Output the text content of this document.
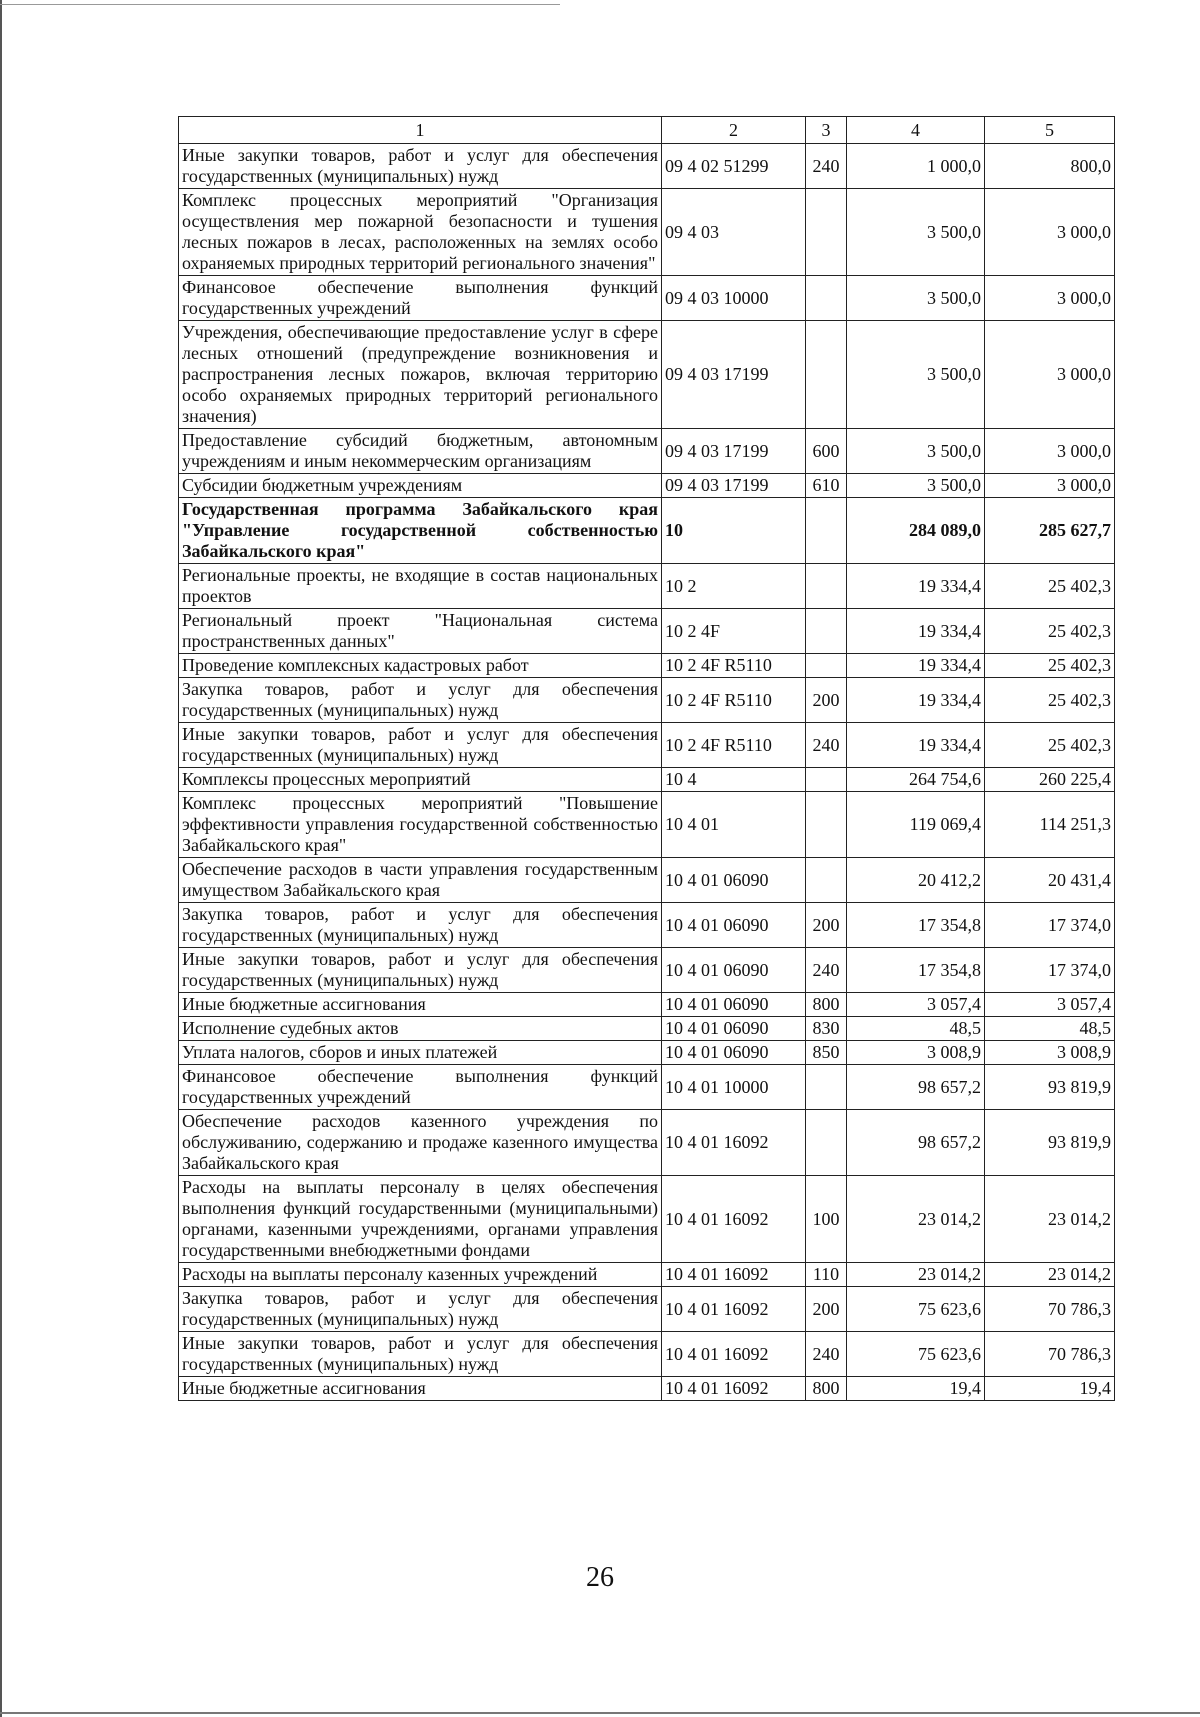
1	2	3	4	5
Иные закупки товаров, работ и услуг для обеспечения государственных (муниципальных) нужд	09 4 02 51299	240	1 000,0	800,0
Комплекс процессных мероприятий "Организация осуществления мер пожарной безопасности и тушения лесных пожаров в лесах, расположенных на землях особо охраняемых природных территорий регионального значения"	09 4 03		3 500,0	3 000,0
Финансовое обеспечение выполнения функций государственных учреждений	09 4 03 10000		3 500,0	3 000,0
Учреждения, обеспечивающие предоставление услуг в сфере лесных отношений (предупреждение возникновения и распространения лесных пожаров, включая территорию особо охраняемых природных территорий регионального значения)	09 4 03 17199		3 500,0	3 000,0
Предоставление субсидий бюджетным, автономным учреждениям и иным некоммерческим организациям	09 4 03 17199	600	3 500,0	3 000,0
Субсидии бюджетным учреждениям	09 4 03 17199	610	3 500,0	3 000,0
Государственная программа Забайкальского края "Управление государственной собственностью Забайкальского края"	10		284 089,0	285 627,7
Региональные проекты, не входящие в состав национальных проектов	10 2		19 334,4	25 402,3
Региональный проект "Национальная система пространственных данных"	10 2 4F		19 334,4	25 402,3
Проведение комплексных кадастровых работ	10 2 4F R5110		19 334,4	25 402,3
Закупка товаров, работ и услуг для обеспечения государственных (муниципальных) нужд	10 2 4F R5110	200	19 334,4	25 402,3
Иные закупки товаров, работ и услуг для обеспечения государственных (муниципальных) нужд	10 2 4F R5110	240	19 334,4	25 402,3
Комплексы процессных мероприятий	10 4		264 754,6	260 225,4
Комплекс процессных мероприятий "Повышение эффективности управления государственной собственностью Забайкальского края"	10 4 01		119 069,4	114 251,3
Обеспечение расходов в части управления государственным имуществом Забайкальского края	10 4 01 06090		20 412,2	20 431,4
Закупка товаров, работ и услуг для обеспечения государственных (муниципальных) нужд	10 4 01 06090	200	17 354,8	17 374,0
Иные закупки товаров, работ и услуг для обеспечения государственных (муниципальных) нужд	10 4 01 06090	240	17 354,8	17 374,0
Иные бюджетные ассигнования	10 4 01 06090	800	3 057,4	3 057,4
Исполнение судебных актов	10 4 01 06090	830	48,5	48,5
Уплата налогов, сборов и иных платежей	10 4 01 06090	850	3 008,9	3 008,9
Финансовое обеспечение выполнения функций государственных учреждений	10 4 01 10000		98 657,2	93 819,9
Обеспечение расходов казенного учреждения по обслуживанию, содержанию и продаже казенного имущества Забайкальского края	10 4 01 16092		98 657,2	93 819,9
Расходы на выплаты персоналу в целях обеспечения выполнения функций государственными (муниципальными) органами, казенными учреждениями, органами управления государственными внебюджетными фондами	10 4 01 16092	100	23 014,2	23 014,2
Расходы на выплаты персоналу казенных учреждений	10 4 01 16092	110	23 014,2	23 014,2
Закупка товаров, работ и услуг для обеспечения государственных (муниципальных) нужд	10 4 01 16092	200	75 623,6	70 786,3
Иные закупки товаров, работ и услуг для обеспечения государственных (муниципальных) нужд	10 4 01 16092	240	75 623,6	70 786,3
Иные бюджетные ассигнования	10 4 01 16092	800	19,4	19,4
26
